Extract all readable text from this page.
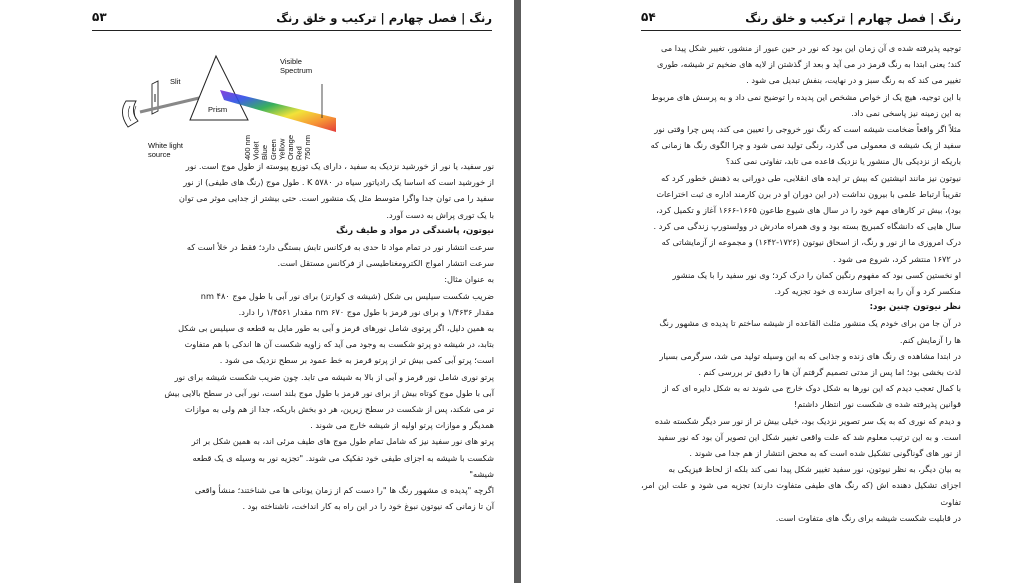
رنگ | فصل چهارم | ترکیب و خلق رنگ
۵۳
Slit
Prism
White light
source
Visible
Spectrum
400 nm Violet Blue Green Yellow Orange Red 750 nm

نور سفید، یا نور از خورشید نزدیک به سفید ، دارای یک توزیع پیوسته از طول موج است. نور

از خورشید است که اساسا یک رادیاتور سیاه در K ۵۷۸۰ . طول موج (رنگ های طیفی) از نور

سفید را می توان جدا واگرا متوسط مثل یک منشور است. حتی بیشتر از جدایی موثر می توان

با یک توری پراش به دست آورد.

نیوتون، پاشندگی در مواد و طیف رنگ

سرعت انتشار نور در تمام مواد تا حدی به فرکانس تابش بستگی دارد؛ فقط در خلأ است که

سرعت انتشار امواج الکترومغناطیسی از فرکانس مستقل است.

به عنوان مثال:

ضریب شکست سیلیس بی شکل (شیشه ی کوارتز) برای نور آبی با طول موج ۴۸۰ nm

مقدار ۱/۴۶۳۶ و برای نور قرمز با طول موج ۶۷۰ nm مقدار ۱/۴۵۶۱ را دارد.

به همین دلیل، اگر پرتوی شامل نورهای قرمز و آبی به طور مایل به قطعه ی سیلیس بی شکل

بتابد، در شیشه دو پرتو شکست به وجود می آید که زاویه شکست آن ها اندکی با هم متفاوت

است؛ پرتو آبی کمی بیش تر از پرتو قرمز به خط عمود بر سطح نزدیک می شود .

پرتو نوری شامل نور قرمز و آبی از بالا به شیشه می تابد. چون ضریب شکست شیشه برای نور

آبی با طول موج کوتاه بیش از برای نور قرمز با طول موج بلند است، نور آبی در سطح بالایی بیش

تر می شکند، پس از شکست در سطح زیرین، هر دو بخش باریکه، جدا از هم ولی به موازات

همدیگر و موازات پرتو اولیه از شیشه خارج می شوند .

پرتو های نور سفید نیز که شامل تمام طول موج های طیف مرئی اند، به همین شکل بر اثر

شکست با شیشه به اجزای طیفی خود تفکیک می شوند. "تجزیه نور به وسیله ی یک قطعه

شیشه"

اگرچه "پدیده ی مشهور رنگ ها "را دست کم از زمان یونانی ها می شناختند؛ منشأ واقعی

آن تا زمانی که نیوتون نبوغ خود را در این راه به کار انداخت، ناشناخته بود .

رنگ | فصل چهارم | ترکیب و خلق رنگ
۵۴

توجیه پذیرفته شده ی آن زمان این بود که نور در حین عبور از منشور، تغییر شکل پیدا می

کند؛ یعنی ابتدا به رنگ قرمز در می آید و بعد از گذشتن از لایه های ضخیم تر شیشه، طوری

تغییر می کند که به رنگ سبز و در نهایت، بنفش تبدیل می شود .

با این توجیه، هیچ یک از خواص مشخص این پدیده را توضیح نمی داد و به پرسش های مربوط

به این زمینه نیز پاسخی نمی داد.

مثلاً اگر واقعاً ضخامت شیشه است که رنگ نور خروجی را تعیین می کند، پس چرا وقتی نور

سفید از یک شیشه ی معمولی می گذرد، رنگی تولید نمی شود و چرا الگوی رنگ ها زمانی که

باریکه از نزدیکی بال منشور یا نزدیک قاعده می تابد، تفاوتی نمی کند؟

نیوتون نیز مانند انیشتین که بیش تر ایده های انقلابی، طی دورانی به ذهنش خطور کرد که

تقریباً ارتباط علمی با بیرون نداشت (در این دوران او در برن کارمند اداره ی ثبت اختراعات

بود)، بیش تر کارهای مهم خود را در سال های شیوع طاعون ۱۶۶۵-۱۶۶۶ آغاز و تکمیل کرد،

سال هایی که دانشگاه کمبریج بسته بود و وی همراه مادرش در وولستورپ زندگی می کرد .

درک امروزی ما از نور و رنگ، از اسحاق نیوتون (۱۷۲۶-۱۶۴۲) و مجموعه از آزمایشاتی که

در ۱۶۷۲ منتشر کرد، شروع می شود .

او نخستین کسی بود که مفهوم رنگین کمان را درک کرد؛ وی نور سفید را با یک منشور

منکسر کرد و آن را به اجزای سازنده ی خود تجزیه کرد.

نظر نیوتون چنین بود:

در آن جا من برای خودم یک منشور مثلث القاعده از شیشه ساختم تا پدیده ی مشهور رنگ

ها را آزمایش کنم.

در ابتدا مشاهده ی رنگ های زنده و جذابی که به این وسیله تولید می شد، سرگرمی بسیار

لذت بخشی بود؛ اما پس از مدتی تصمیم گرفتم آن ها را دقیق تر بررسی کنم .

با کمال تعجب دیدم که این نورها به شکل دوک خارج می شوند نه به شکل دایره ای که از

قوانین پذیرفته شده ی شکست نور انتظار داشتم!

و دیدم که نوری که به یک سر تصویر نزدیک بود، خیلی بیش تر از نور سر دیگر شکسته شده

است. و به این ترتیب معلوم شد که علت واقعی تغییر شکل این تصویر آن بود که نور سفید

از نور های گوناگونی تشکیل شده است که به محض انتشار از هم جدا می شوند .

به بیان دیگر، به نظر نیوتون، نور سفید تغییر شکل پیدا نمی کند بلکه از لحاظ فیزیکی به

اجزای تشکیل دهنده اش (که رنگ های طیفی متفاوت دارند) تجزیه می شود و علت این امر، تفاوت

در قابلیت شکست شیشه برای رنگ های متفاوت است.
